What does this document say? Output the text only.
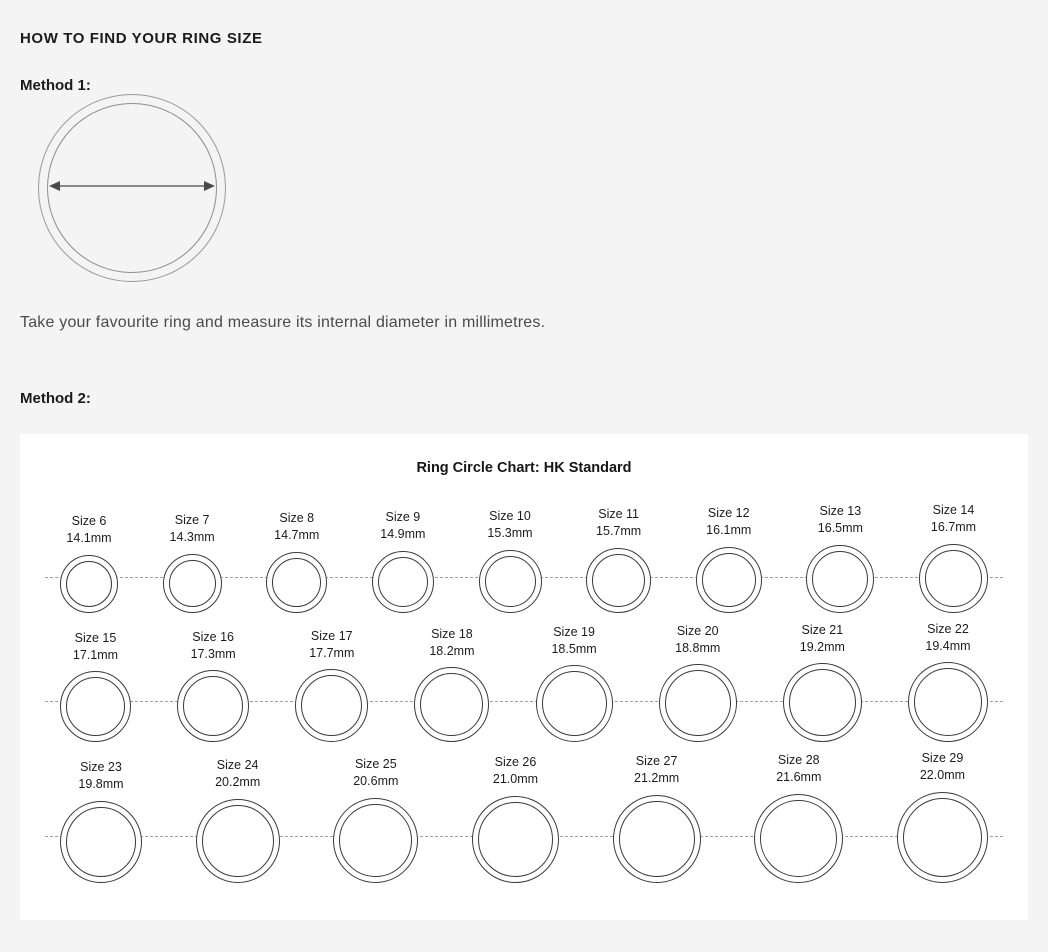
HOW TO FIND YOUR RING SIZE
Method 1:
Take your favourite ring and measure its internal diameter in millimetres.
Method 2:
Ring Circle Chart: HK Standard
Size 6
14.1mm
Size 7
14.3mm
Size 8
14.7mm
Size 9
14.9mm
Size 10
15.3mm
Size 11
15.7mm
Size 12
16.1mm
Size 13
16.5mm
Size 14
16.7mm
Size 15
17.1mm
Size 16
17.3mm
Size 17
17.7mm
Size 18
18.2mm
Size 19
18.5mm
Size 20
18.8mm
Size 21
19.2mm
Size 22
19.4mm
Size 23
19.8mm
Size 24
20.2mm
Size 25
20.6mm
Size 26
21.0mm
Size 27
21.2mm
Size 28
21.6mm
Size 29
22.0mm
